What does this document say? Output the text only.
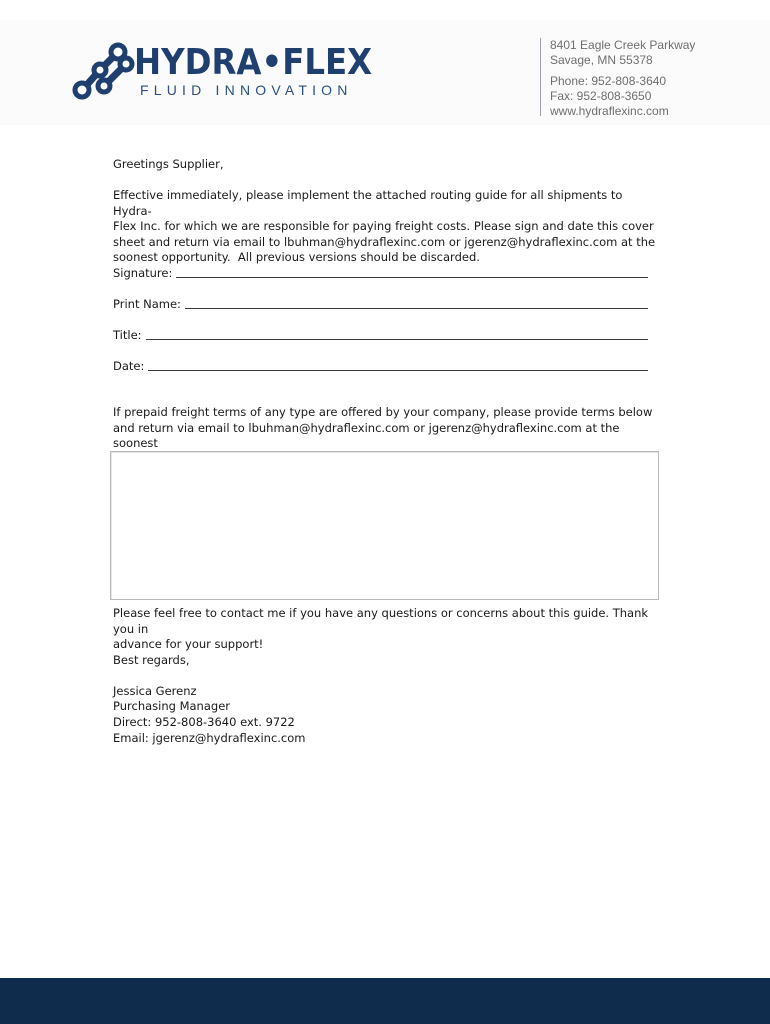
HYDRA•FLEX
FLUID INNOVATION
8401 Eagle Creek Parkway
Savage, MN 55378
Phone: 952-808-3640
Fax: 952-808-3650
www.hydraflexinc.com
Greetings Supplier,
Effective immediately, please implement the attached routing guide for all shipments to Hydra-
Flex Inc. for which we are responsible for paying freight costs. Please sign and date this cover
sheet and return via email to lbuhman@hydraflexinc.com or jgerenz@hydraflexinc.com at the
soonest opportunity.  All previous versions should be discarded.
Signature:
Print Name:
Title:
Date:
If prepaid freight terms of any type are offered by your company, please provide terms below
and return via email to lbuhman@hydraflexinc.com or jgerenz@hydraflexinc.com at the soonest

Please feel free to contact me if you have any questions or concerns about this guide. Thank you in
advance for your support!
Best regards,
Jessica Gerenz
Purchasing Manager
Direct: 952-808-3640 ext. 9722
Email: jgerenz@hydraflexinc.com
